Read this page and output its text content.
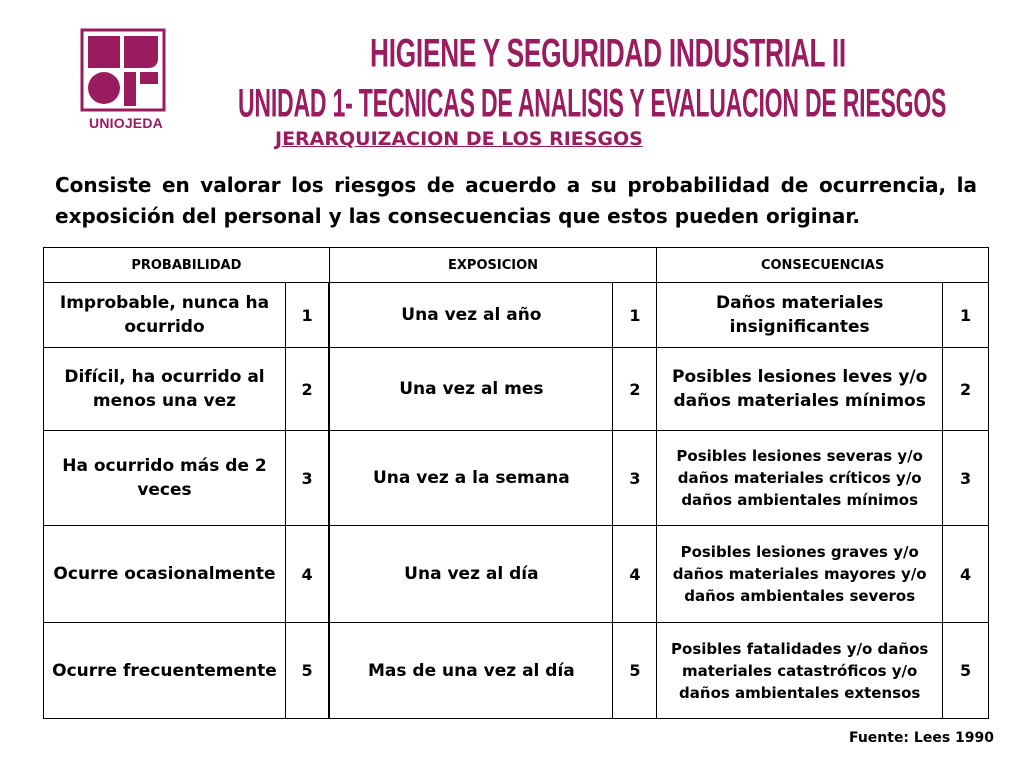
UNIOJEDA
HIGIENE Y SEGURIDAD INDUSTRIAL II
UNIDAD 1- TECNICAS DE ANALISIS Y EVALUACION DE RIESGOS
JERARQUIZACION DE LOS RIESGOS
Consiste en valorar los riesgos de acuerdo a su probabilidad de ocurrencia, la exposición del personal y las consecuencias que estos pueden originar.
PROBABILIDAD		EXPOSICION		CONSECUENCIAS	
Improbable, nunca ha ocurrido	1	Una vez al año	1	Daños materiales insignificantes	1
Difícil, ha ocurrido al menos una vez	2	Una vez al mes	2	Posibles lesiones leves y/o daños materiales mínimos	2
Ha ocurrido más de 2 veces	3	Una vez a la semana	3	Posibles lesiones severas y/o daños materiales críticos y/o daños ambientales mínimos	3
Ocurre ocasionalmente	4	Una vez al día	4	Posibles lesiones graves y/o daños materiales mayores y/o daños ambientales severos	4
Ocurre frecuentemente	5	Mas de una vez al día	5	Posibles fatalidades y/o daños materiales catastróficos y/o daños ambientales extensos	5
Fuente: Lees 1990
